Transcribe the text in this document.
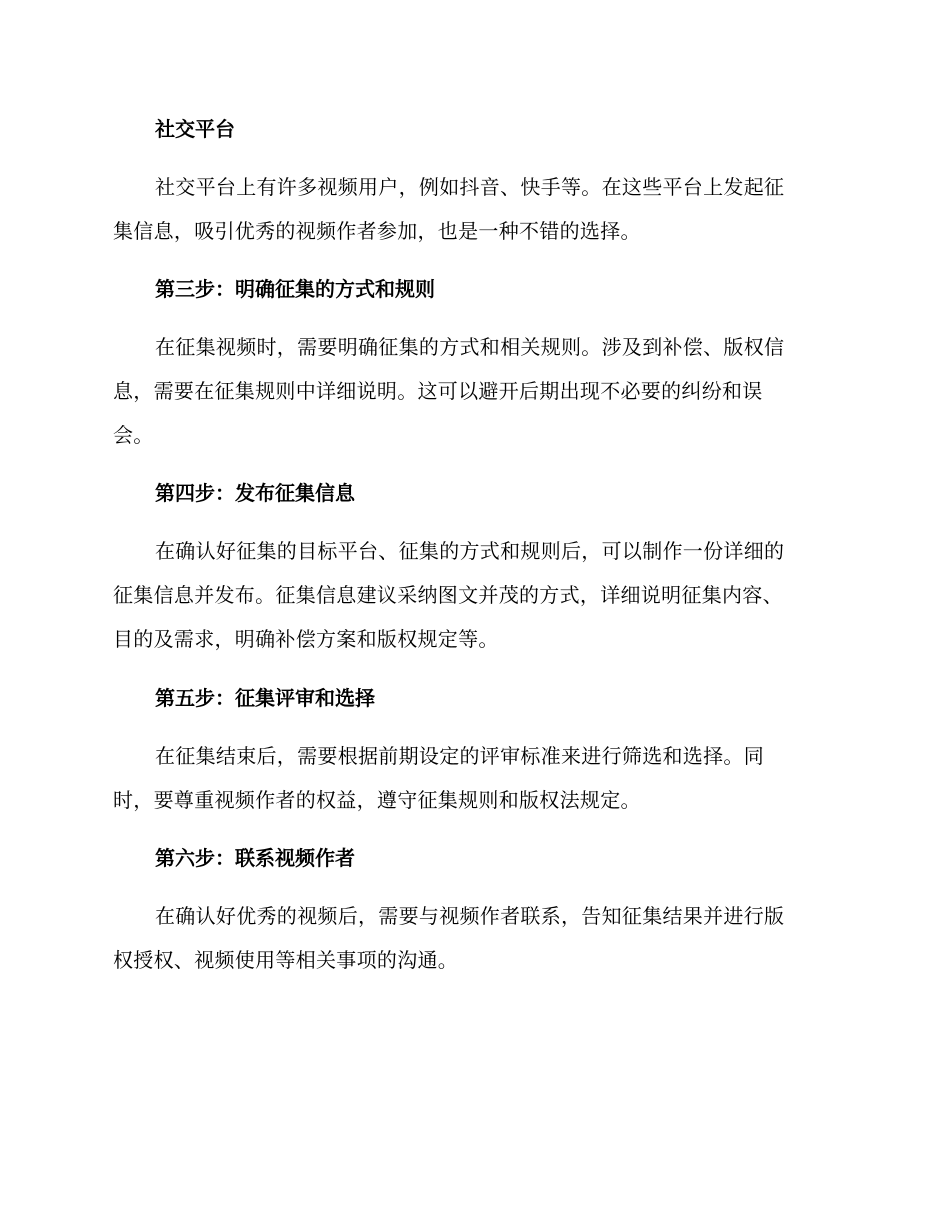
社交平台
社交平台上有许多视频用户，例如抖音、快手等。在这些平台上发起征
集信息，吸引优秀的视频作者参加，也是一种不错的选择。
第三步：明确征集的方式和规则
在征集视频时，需要明确征集的方式和相关规则。涉及到补偿、版权信
息，需要在征集规则中详细说明。这可以避开后期出现不必要的纠纷和误
会。
第四步：发布征集信息
在确认好征集的目标平台、征集的方式和规则后，可以制作一份详细的
征集信息并发布。征集信息建议采纳图文并茂的方式，详细说明征集内容、
目的及需求，明确补偿方案和版权规定等。
第五步：征集评审和选择
在征集结束后，需要根据前期设定的评审标准来进行筛选和选择。同
时，要尊重视频作者的权益，遵守征集规则和版权法规定。
第六步：联系视频作者
在确认好优秀的视频后，需要与视频作者联系，告知征集结果并进行版
权授权、视频使用等相关事项的沟通。
